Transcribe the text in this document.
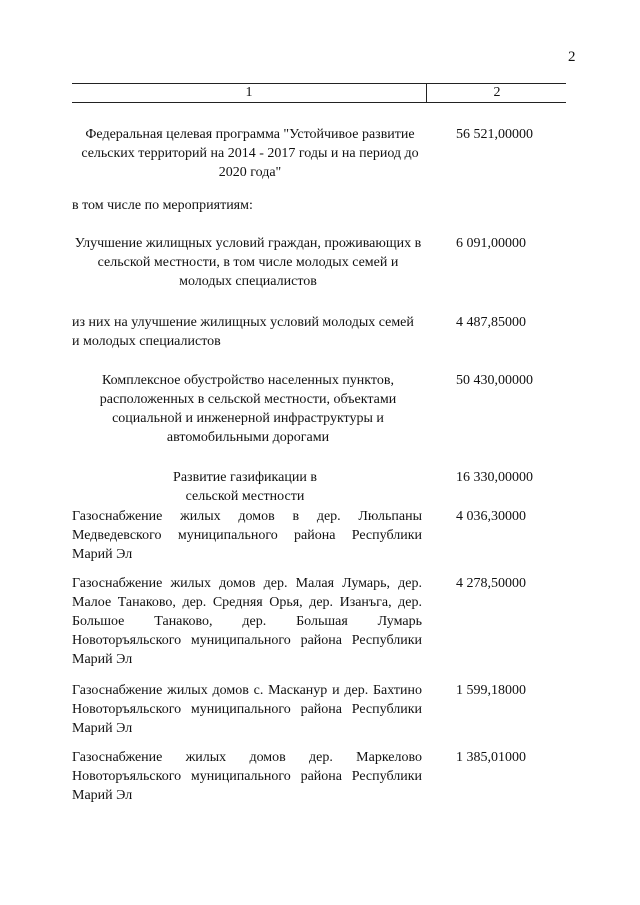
2
1	2
Федеральная целевая программа "Устойчивое развитие сельских территорий на 2014 - 2017 годы и на период до 2020 года"
56 521,00000
в том числе по мероприятиям:
Улучшение жилищных условий граждан, проживающих в сельской местности, в том числе молодых семей и молодых специалистов
6 091,00000
из них на улучшение жилищных условий молодых семей и молодых специалистов
4 487,85000
Комплексное обустройство населенных пунктов, расположенных в сельской местности, объектами социальной и инженерной инфраструктуры и автомобильными дорогами
50 430,00000
Развитие газификации в сельской местности
16 330,00000
Газоснабжение жилых домов в дер. Люльпаны Медведевского муниципального района Республики Марий Эл
4 036,30000
Газоснабжение жилых домов дер. Малая Лумарь, дер. Малое Танаково, дер. Средняя Орья, дер. Изанъга, дер. Большое Танаково, дер. Большая Лумарь Новоторъяльского муниципального района Республики Марий Эл
4 278,50000
Газоснабжение жилых домов с. Масканур и дер. Бахтино Новоторъяльского муниципального района Республики Марий Эл
1 599,18000
Газоснабжение жилых домов дер. Маркелово Новоторъяльского муниципального района Республики Марий Эл
1 385,01000
